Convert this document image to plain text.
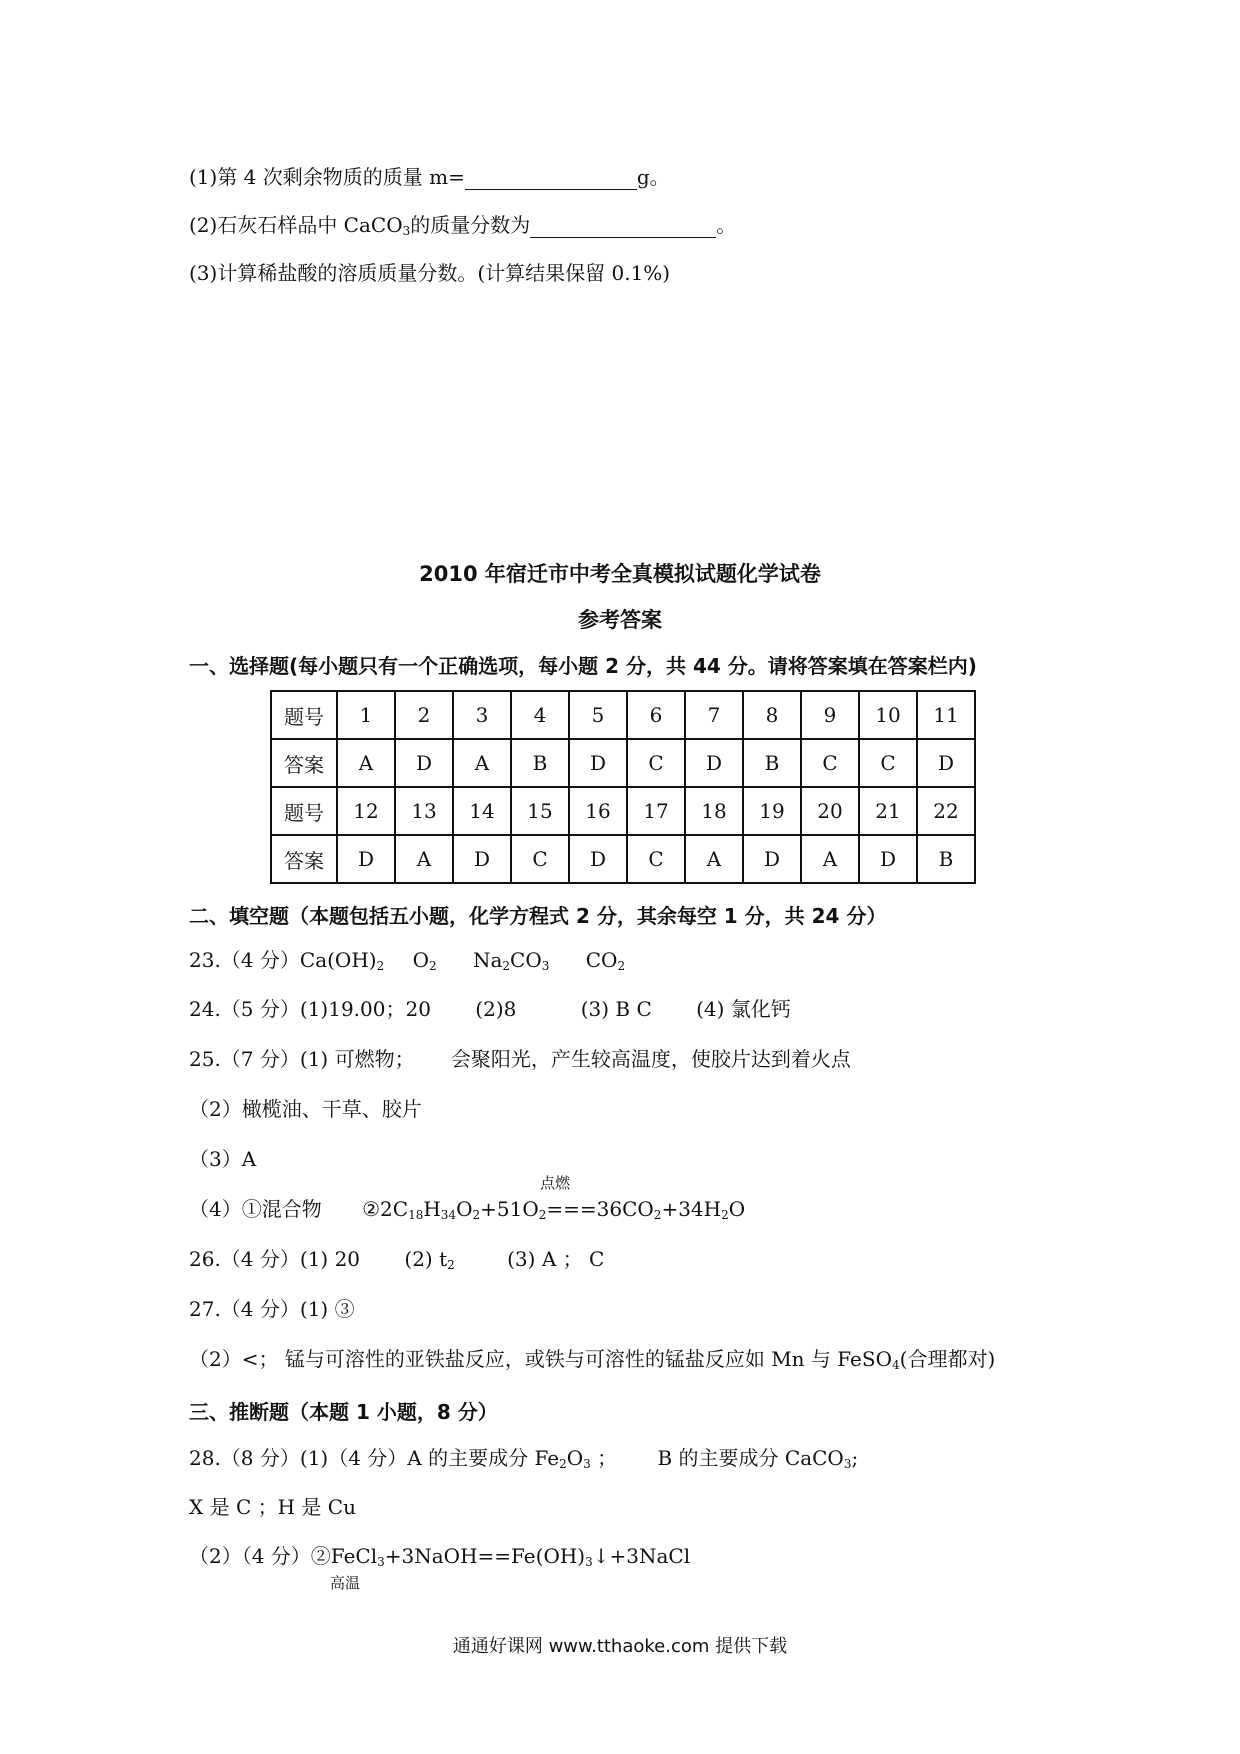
(1)第 4 次剩余物质的质量 m=	g。
(2)石灰石样品中 CaCO$_3$的质量分数为	。
(3)计算稀盐酸的溶质质量分数。(计算结果保留 0.1%)
2010 年宿迁市中考全真模拟试题化学试卷
参考答案
一、选择题(每小题只有一个正确选项，每小题 2 分，共 44 分。请将答案填在答案栏内)
题号	1	2	3	4	5	6	7	8	9	10	11
答案	A	D	A	B	D	C	D	B	C	C	D
题号	12	13	14	15	16	17	18	19	20	21	22
答案	D	A	D	C	D	C	A	D	A	D	B
二、填空题（本题包括五小题，化学方程式 2 分，其余每空 1 分，共 24 分）
23.（4 分）$Ca(OH)_2$ $O_2$ $Na_2CO_3$ $CO_2$
24.（5 分）(1)19.00；20 (2)8	(3) B C (4) 氯化钙
25.（7 分）(1) 可燃物； 会聚阳光，产生较高温度，使胶片达到着火点
（2）橄榄油、干草、胶片
（3）A
点燃
（4）①混合物 $②2C_{18}H_{34}O_2+51O_2===36CO_2+34H_2O$
26.（4 分）(1) 20 (2) $t_2$	(3) A ； C
27.（4 分）(1) ③
（2）<； 锰与可溶性的亚铁盐反应，或铁与可溶性的锰盐反应如 Mn 与 FeSO$_4$(合理都对)
三、推断题（本题 1 小题，8 分）
28.（8 分）(1)（4 分）A 的主要成分 $Fe_2O_3$ ； B 的主要成分 CaCO$_3$;
X 是 C ；H 是 Cu
（2）（4 分）$②FeCl_3+3NaOH==Fe(OH)_3↓+3NaCl$
高温
通通好课网 www.tthaoke.com 提供下载
